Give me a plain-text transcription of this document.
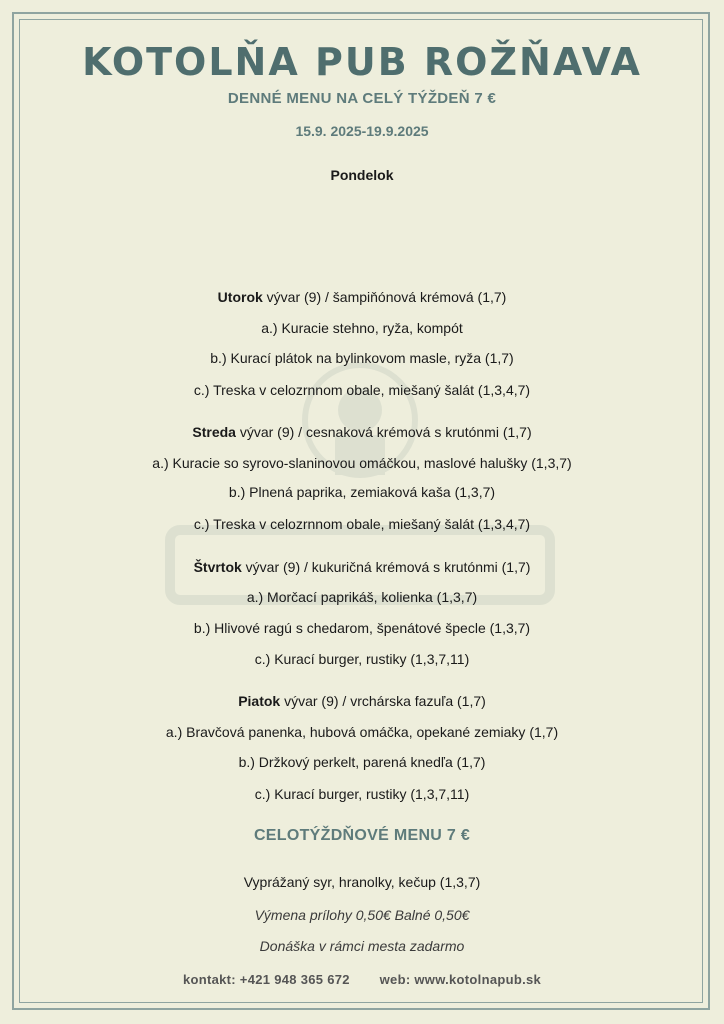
KOTOLŇA PUB ROŽŇAVA
DENNÉ MENU NA CELÝ TÝŽDEŇ 7 €
15.9. 2025-19.9.2025
Pondelok
Utorok vývar (9) / šampiňónová krémová (1,7)
a.) Kuracie stehno, ryža, kompót
b.) Kurací plátok na bylinkovom masle, ryža (1,7)
c.) Treska v celozrnnom obale, miešaný šalát (1,3,4,7)
Streda vývar (9) / cesnaková krémová s krutónmi (1,7)
a.) Kuracie so syrovo-slaninovou omáčkou, maslové halušky (1,3,7)
b.) Plnená paprika, zemiaková kaša (1,3,7)
c.) Treska v celozrnnom obale, miešaný šalát (1,3,4,7)
Štvrtok vývar (9) / kukuričná krémová s krutónmi (1,7)
a.) Morčací paprikáš, kolienka (1,3,7)
b.) Hlivové ragú s chedarom, špenátové špecle (1,3,7)
c.) Kurací burger, rustiky (1,3,7,11)
Piatok vývar (9) / vrchárska fazuľa (1,7)
a.) Bravčová panenka, hubová omáčka, opekané zemiaky (1,7)
b.) Držkový perkelt, parená knedľa (1,7)
c.) Kurací burger, rustiky (1,3,7,11)
CELOTÝŽDŇOVÉ MENU 7 €
Vyprážaný syr, hranolky, kečup (1,3,7)
Výmena prílohy 0,50€ Balné 0,50€
Donáška v rámci mesta zadarmo
kontakt: +421 948 365 672 web: www.kotolnapub.sk
